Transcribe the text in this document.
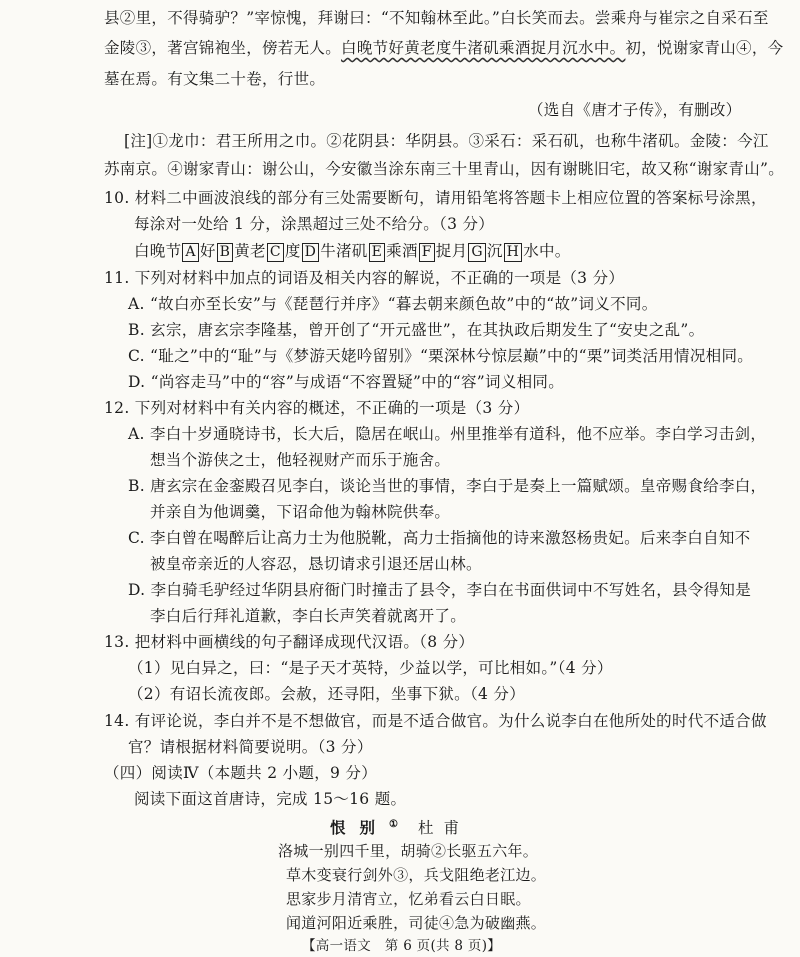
县②里，不得骑驴？”宰惊愧，拜谢曰：“不知翰林至此。”白长笑而去。尝乘舟与崔宗之自采石至
金陵③，著宫锦袍坐，傍若无人。白晚节好黄老度牛渚矶乘酒捉月沉水中。初，悦谢家青山④，今
墓在焉。有文集二十卷，行世。
（选自《唐才子传》，有删改）
[注]①龙巾：君王所用之巾。②花阴县：华阴县。③采石：采石矶，也称牛渚矶。金陵：今江
苏南京。④谢家青山：谢公山，今安徽当涂东南三十里青山，因有谢眺旧宅，故又称“谢家青山”。
10. 材料二中画波浪线的部分有三处需要断句，请用铅笔将答题卡上相应位置的答案标号涂黑，
每涂对一处给 1 分，涂黑超过三处不给分。（3 分）
白晚节 A 好 B 黄老 C 度 D 牛渚矶 E 乘酒 F 捉月 G 沉 H 水中。
11. 下列对材料中加点的词语及相关内容的解说，不正确的一项是（3 分）
A. “故白亦至长安”与《琵琶行并序》“暮去朝来颜色故”中的“故”词义不同。
B. 玄宗，唐玄宗李隆基，曾开创了“开元盛世”，在其执政后期发生了“安史之乱”。
C. “耻之”中的“耻”与《梦游天姥吟留别》“栗深林兮惊层巅”中的“栗”词类活用情况相同。
D. “尚容走马”中的“容”与成语“不容置疑”中的“容”词义相同。
12. 下列对材料中有关内容的概述，不正确的一项是（3 分）
A. 李白十岁通晓诗书，长大后，隐居在岷山。州里推举有道科，他不应举。李白学习击剑，
想当个游侠之士，他轻视财产而乐于施舍。
B. 唐玄宗在金銮殿召见李白，谈论当世的事情，李白于是奏上一篇赋颂。皇帝赐食给李白，
并亲自为他调羹，下诏命他为翰林院供奉。
C. 李白曾在喝醉后让高力士为他脱靴，高力士指摘他的诗来激怒杨贵妃。后来李白自知不
被皇帝亲近的人容忍，恳切请求引退还居山林。
D. 李白骑毛驴经过华阴县府衙门时撞击了县令，李白在书面供词中不写姓名，县令得知是
李白后行拜礼道歉，李白长声笑着就离开了。
13. 把材料中画横线的句子翻译成现代汉语。（8 分）
（1）见白异之，曰：“是子天才英特，少益以学，可比相如。”（4 分）
（2）有诏长流夜郎。会赦，还寻阳，坐事下狱。（4 分）
14. 有评论说，李白并不是不想做官，而是不适合做官。为什么说李白在他所处的时代不适合做
官？请根据材料简要说明。（3 分）
（四）阅读Ⅳ（本题共 2 小题，9 分）
阅读下面这首唐诗，完成 15～16 题。
恨别① 杜甫
洛城一别四千里，胡骑②长驱五六年。
草木变衰行剑外③，兵戈阻绝老江边。
思家步月清宵立，忆弟看云白日眠。
闻道河阳近乘胜，司徒④急为破幽燕。
【高一语文　第 6 页(共 8 页)】
